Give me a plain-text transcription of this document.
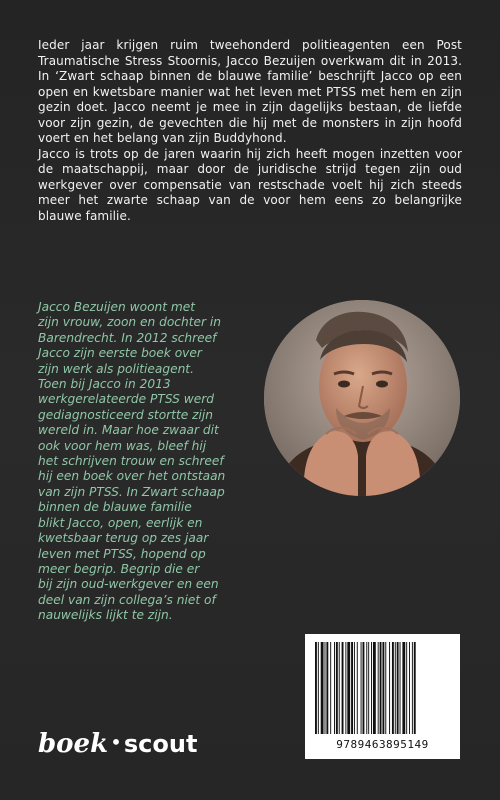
Ieder jaar krijgen ruim tweehonderd politieagenten een Post Traumatische Stress Stoornis, Jacco Bezuijen overkwam dit in 2013. In ‘Zwart schaap binnen de blauwe familie’ beschrijft Jacco op een open en kwetsbare manier wat het leven met PTSS met hem en zijn gezin doet. Jacco neemt je mee in zijn dagelijks bestaan, de liefde voor zijn gezin, de gevechten die hij met de monsters in zijn hoofd voert en het belang van zijn Buddyhond.

Jacco is trots op de jaren waarin hij zich heeft mogen inzetten voor de maatschappij, maar door de juridische strijd tegen zijn oud werkgever over compensatie van restschade voelt hij zich steeds meer het zwarte schaap van de voor hem eens zo belangrijke blauwe familie.

Jacco Bezuijen woont met
zijn vrouw, zoon en dochter in
Barendrecht. In 2012 schreef
Jacco zijn eerste boek over
zijn werk als politieagent.
Toen bij Jacco in 2013
werkgerelateerde PTSS werd
gediagnosticeerd stortte zijn
wereld in. Maar hoe zwaar dit
ook voor hem was, bleef hij
het schrijven trouw en schreef
hij een boek over het ontstaan
van zijn PTSS. In Zwart schaap
binnen de blauwe familie
blikt Jacco, open, eerlijk en
kwetsbaar terug op zes jaar
leven met PTSS, hopend op
meer begrip. Begrip die er
bij zijn oud-werkgever en een
deel van zijn collega’s niet of
nauwelijks lijkt te zijn.
boek •scout	9789463895149
